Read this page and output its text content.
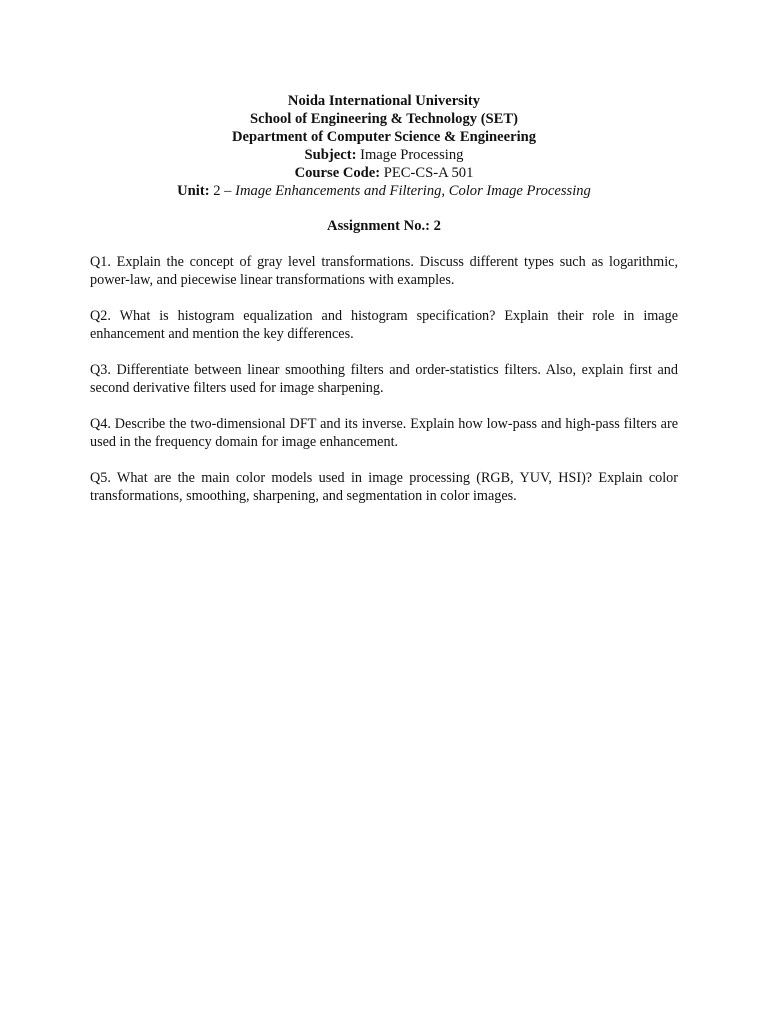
Noida International University
School of Engineering & Technology (SET)
Department of Computer Science & Engineering
Subject: Image Processing
Course Code: PEC-CS-A 501
Unit: 2 – Image Enhancements and Filtering, Color Image Processing
Assignment No.: 2

Q1. Explain the concept of gray level transformations. Discuss different types such as logarithmic, power-law, and piecewise linear transformations with examples.

Q2. What is histogram equalization and histogram specification? Explain their role in image enhancement and mention the key differences.

Q3. Differentiate between linear smoothing filters and order-statistics filters. Also, explain first and second derivative filters used for image sharpening.

Q4. Describe the two-dimensional DFT and its inverse. Explain how low-pass and high-pass filters are used in the frequency domain for image enhancement.

Q5. What are the main color models used in image processing (RGB, YUV, HSI)? Explain color transformations, smoothing, sharpening, and segmentation in color images.
